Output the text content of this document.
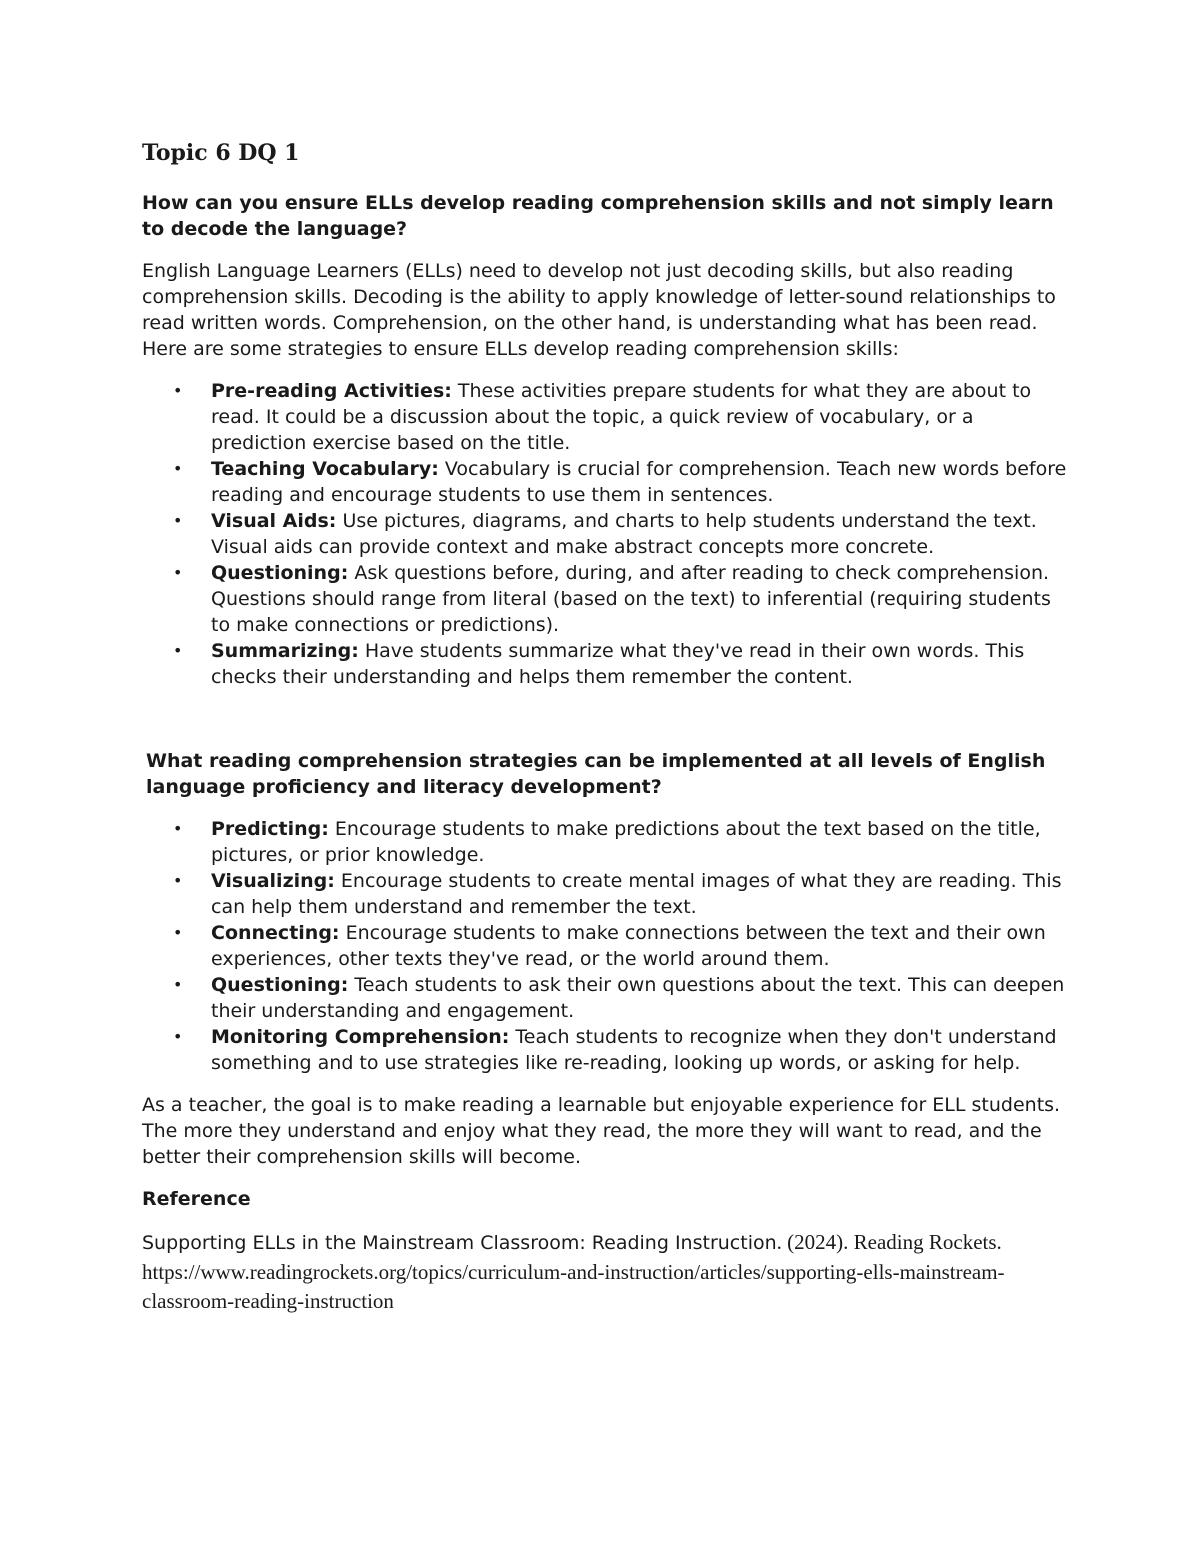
Topic 6 DQ 1

How can you ensure ELLs develop reading comprehension skills and not simply learn to decode the language?

English Language Learners (ELLs) need to develop not just decoding skills, but also reading comprehension skills. Decoding is the ability to apply knowledge of letter-sound relationships to read written words. Comprehension, on the other hand, is understanding what has been read. Here are some strategies to ensure ELLs develop reading comprehension skills:

• Pre-reading Activities: These activities prepare students for what they are about to read. It could be a discussion about the topic, a quick review of vocabulary, or a prediction exercise based on the title.
• Teaching Vocabulary: Vocabulary is crucial for comprehension. Teach new words before reading and encourage students to use them in sentences.
• Visual Aids: Use pictures, diagrams, and charts to help students understand the text. Visual aids can provide context and make abstract concepts more concrete.
• Questioning: Ask questions before, during, and after reading to check comprehension. Questions should range from literal (based on the text) to inferential (requiring students to make connections or predictions).
• Summarizing: Have students summarize what they've read in their own words. This checks their understanding and helps them remember the content.

What reading comprehension strategies can be implemented at all levels of English language proficiency and literacy development?

• Predicting: Encourage students to make predictions about the text based on the title, pictures, or prior knowledge.
• Visualizing: Encourage students to create mental images of what they are reading. This can help them understand and remember the text.
• Connecting: Encourage students to make connections between the text and their own experiences, other texts they've read, or the world around them.
• Questioning: Teach students to ask their own questions about the text. This can deepen their understanding and engagement.
• Monitoring Comprehension: Teach students to recognize when they don't understand something and to use strategies like re-reading, looking up words, or asking for help.

As a teacher, the goal is to make reading a learnable but enjoyable experience for ELL students. The more they understand and enjoy what they read, the more they will want to read, and the better their comprehension skills will become.

Reference

Supporting ELLs in the Mainstream Classroom: Reading Instruction. (2024). Reading Rockets. https://www.readingrockets.org/topics/curriculum-and-instruction/articles/supporting-ells-mainstream-classroom-reading-instruction
